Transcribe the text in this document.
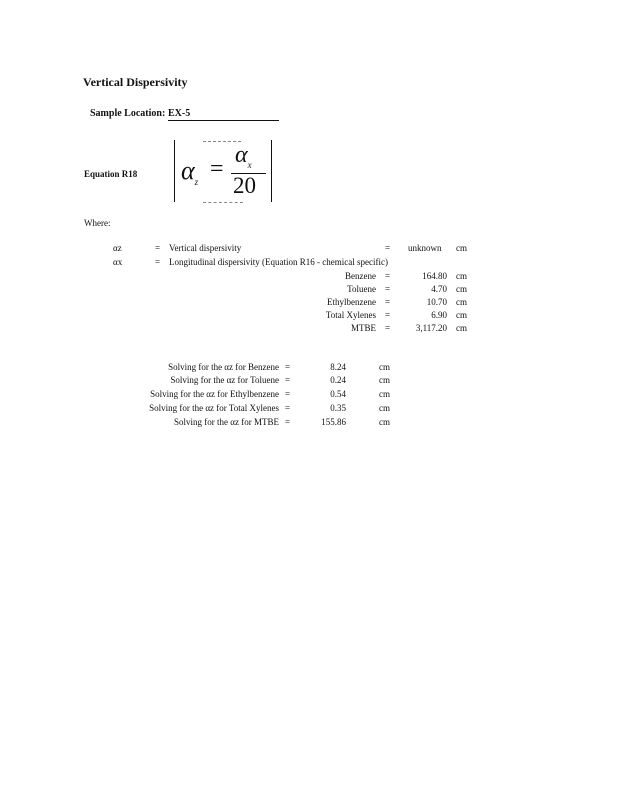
Vertical Dispersivity
Sample Location: EX-5
Equation R18 $\alpha_z$
=
$\alpha_x$
20
Where:
αz	= Vertical dispersivity	= unknown cm
αx	= Longitudinal dispersivity (Equation R16 - chemical specific)
Benzene =	164.80 cm
Toluene =	4.70 cm
Ethylbenzene =	10.70 cm
Total Xylenes =	6.90 cm
MTBE =	3,117.20 cm
Solving for the αz for Benzene =	8.24	cm
Solving for the αz for Toluene =	0.24	cm
Solving for the αz for Ethylbenzene =	0.54	cm
Solving for the αz for Total Xylenes =	0.35	cm
Solving for the αz for MTBE =	155.86	cm
